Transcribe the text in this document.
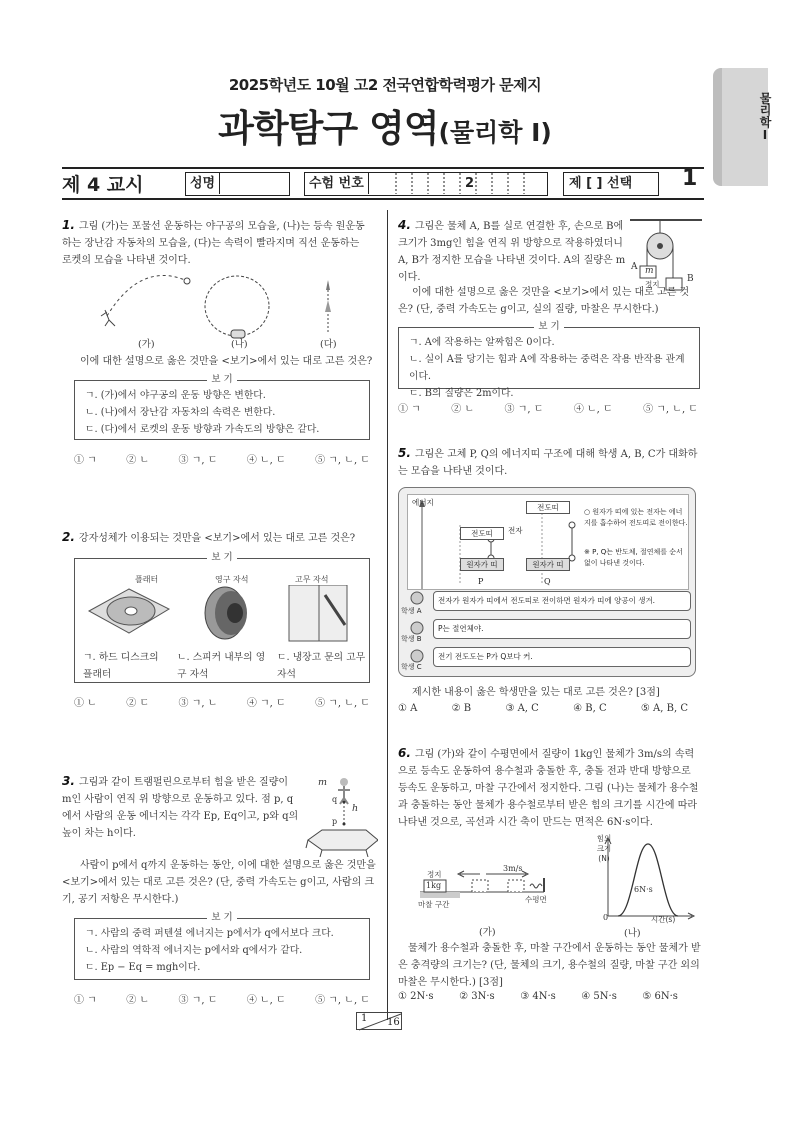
2025학년도 10월 고2 전국연합학력평가 문제지
과학탐구 영역(물리학 Ⅰ)	물리학Ⅰ
제 4 교시	성명	수험 번호	2	제 [ ] 선택	1
1. 그림 (가)는 포물선 운동하는 야구공의 모습을, (나)는 등속 원운동하는 장난감 자동차의 모습을, (다)는 속력이 빨라지며 직선 운동하는 로켓의 모습을 나타낸 것이다.
(가)	(나)	(다)
이에 대한 설명으로 옳은 것만을 <보기>에서 있는 대로 고른 것은?
보 기
ㄱ. (가)에서 야구공의 운동 방향은 변한다.
ㄴ. (나)에서 장난감 자동차의 속력은 변한다.
ㄷ. (다)에서 로켓의 운동 방향과 가속도의 방향은 같다.
① ㄱ	② ㄴ	③ ㄱ, ㄷ	④ ㄴ, ㄷ	⑤ ㄱ, ㄴ, ㄷ
2. 강자성체가 이용되는 것만을 <보기>에서 있는 대로 고른 것은?
보 기
플래터	영구 자석	고무 자석
ㄱ. 하드 디스크의 플래터
ㄴ. 스피커 내부의 영구 자석
ㄷ. 냉장고 문의 고무 자석
① ㄴ	② ㄷ	③ ㄱ, ㄴ	④ ㄱ, ㄷ	⑤ ㄱ, ㄴ, ㄷ
3. 그림과 같이 트램펄린으로부터 힘을 받은 질량이 m인 사람이 연직 위 방향으로 운동하고 있다. 점 p, q에서 사람의 운동 에너지는 각각 Ep, Eq이고, p와 q의 높이 차는 h이다.
m
q
h
p
사람이 p에서 q까지 운동하는 동안, 이에 대한 설명으로 옳은 것만을 <보기>에서 있는 대로 고른 것은? (단, 중력 가속도는 g이고, 사람의 크기, 공기 저항은 무시한다.)
보 기
ㄱ. 사람의 중력 퍼텐셜 에너지는 p에서가 q에서보다 크다.
ㄴ. 사람의 역학적 에너지는 p에서와 q에서가 같다.
ㄷ. Ep − Eq = mgh이다.
① ㄱ	② ㄴ	③ ㄱ, ㄷ	④ ㄴ, ㄷ	⑤ ㄱ, ㄴ, ㄷ
4. 그림은 물체 A, B를 실로 연결한 후, 손으로 B에 크기가 3mg인 힘을 연직 위 방향으로 작용하였더니 A, B가 정지한 모습을 나타낸 것이다. A의 질량은 m이다.
A m
정지
B
이에 대한 설명으로 옳은 것만을 <보기>에서 있는 대로 고른 것은? (단, 중력 가속도는 g이고, 실의 질량, 마찰은 무시한다.)
보 기
ㄱ. A에 작용하는 알짜힘은 0이다.
ㄴ. 실이 A를 당기는 힘과 A에 작용하는 중력은 작용 반작용 관계이다.
ㄷ. B의 질량은 2m이다.
① ㄱ	② ㄴ	③ ㄱ, ㄷ	④ ㄴ, ㄷ	⑤ ㄱ, ㄴ, ㄷ
5. 그림은 고체 P, Q의 에너지띠 구조에 대해 학생 A, B, C가 대화하는 모습을 나타낸 것이다.
에너지
전도띠
원자가 띠
전도띠
원자가 띠
전자
P	Q
○ 원자가 띠에 있는 전자는 에너지를 흡수하여 전도띠로 전이한다.
※ P, Q는 반도체, 절연체를 순서 없이 나타낸 것이다.
학생 A
학생 B
학생 C
전자가 원자가 띠에서 전도띠로 전이하면 원자가 띠에 양공이 생겨.
P는 절연체야.
전기 전도도는 P가 Q보다 커.
제시한 내용이 옳은 학생만을 있는 대로 고른 것은? [3점]
① A	② B	③ A, C	④ B, C	⑤ A, B, C
6. 그림 (가)와 같이 수평면에서 질량이 1kg인 물체가 3m/s의 속력으로 등속도 운동하여 용수철과 충돌한 후, 충돌 전과 반대 방향으로 등속도 운동하고, 마찰 구간에서 정지한다. 그림 (나)는 물체가 용수철과 충돌하는 동안 물체가 용수철로부터 받은 힘의 크기를 시간에 따라 나타낸 것으로, 곡선과 시간 축이 만드는 면적은 6N·s이다.
정지
1kg
3m/s
마찰 구간
수평면
(가)
힘의 크기 (N)
6N·s
0	시간(s)
(나)
물체가 용수철과 충돌한 후, 마찰 구간에서 운동하는 동안 물체가 받은 충격량의 크기는? (단, 물체의 크기, 용수철의 질량, 마찰 구간 외의 마찰은 무시한다.) [3점]
① 2N·s	② 3N·s	③ 4N·s	④ 5N·s	⑤ 6N·s
1 16
